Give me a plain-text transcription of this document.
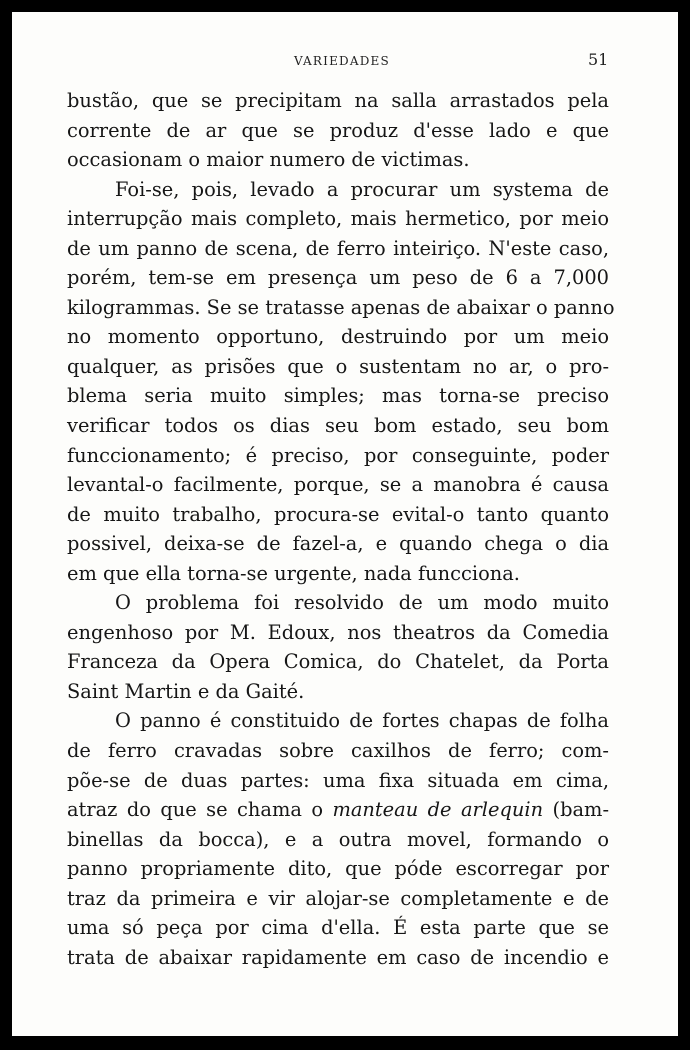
VARIEDADES	51
bustão, que se precipitam na salla arrastados pela
corrente de ar que se produz d'esse lado e que
occasionam o maior numero de victimas.
Foi-se, pois, levado a procurar um systema de
interrupção mais completo, mais hermetico, por meio
de um panno de scena, de ferro inteiriço. N'este caso,
porém, tem-se em presença um peso de 6 a 7,000
kilogrammas. Se se tratasse apenas de abaixar o panno
no momento opportuno, destruindo por um meio
qualquer, as prisões que o sustentam no ar, o pro-
blema seria muito simples; mas torna-se preciso
verificar todos os dias seu bom estado, seu bom
funccionamento; é preciso, por conseguinte, poder
levantal-o facilmente, porque, se a manobra é causa
de muito trabalho, procura-se evital-o tanto quanto
possivel, deixa-se de fazel-a, e quando chega o dia
em que ella torna-se urgente, nada funcciona.
O problema foi resolvido de um modo muito
engenhoso por M. Edoux, nos theatros da Comedia
Franceza da Opera Comica, do Chatelet, da Porta
Saint Martin e da Gaité.
O panno é constituido de fortes chapas de folha
de ferro cravadas sobre caxilhos de ferro; com-
põe-se de duas partes: uma fixa situada em cima,
atraz do que se chama o manteau de arlequin (bam-
binellas da bocca), e a outra movel, formando o
panno propriamente dito, que póde escorregar por
traz da primeira e vir alojar-se completamente e de
uma só peça por cima d'ella. É esta parte que se
trata de abaixar rapidamente em caso de incendio e
